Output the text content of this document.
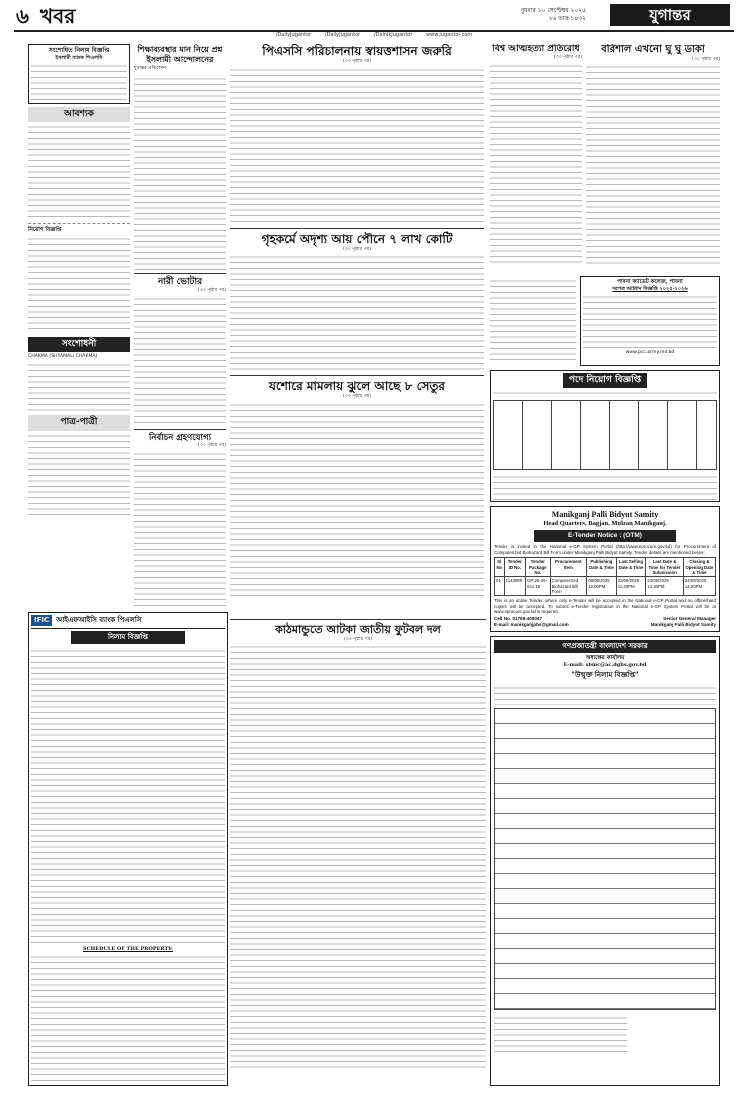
৬ খবর	বুধবার ১০ সেপ্টেম্বর ২০২৫
২৬ ভাদ্র ১৪৩২	যুগান্তর
/DailyJugantor	/DailyJugantor	/DainikJugantor	www.jugantor.com
সংশোধিত নিলাম বিজ্ঞপ্তি
ইসলামী ব্যাংক পিএলসি
আবশ্যক
নিয়োগ বিজ্ঞপ্তি
সংশোধনী
CHAKMA (SHYAMALI CHAKMA)
পাত্র-পাত্রী
IFIC	আইএফআইসি ব্যাংক পিএলসি
নিলাম বিজ্ঞপ্তি
SCHEDULE OF THE PROPERTY:
শিক্ষাব্যবস্থার মান নিয়ে প্রশ্ন ইসলামী আন্দোলনের
যুগান্তর প্রতিবেদন
নারী ভোটার
(৩৩ পৃষ্ঠার পর)
নির্বাচন গ্রহণযোগ্য
(৩৩ পৃষ্ঠার পর)
পিএসসি পরিচালনায় স্বায়ত্তশাসন জরুরি
(৩৩ পৃষ্ঠার পর)
গৃহকর্মে অদৃশ্য আয় পৌনে ৭ লাখ কোটি
(৩৩ পৃষ্ঠার পর)
যশোরে মামলায় ঝুলে আছে ৮ সেতুর
(৩৩ পৃষ্ঠার পর)
কাঠমান্ডুতে আটকা জাতীয় ফুটবল দল
(৩৩ পৃষ্ঠার পর)
বিশ্ব আত্মহত্যা প্রতিরোধ
(৩৩ পৃষ্ঠার পর)
বরিশাল এখনো ঘু ঘু ডাকা
(৩৩ পৃষ্ঠার পর)
পাবনা ক্যাডেট কলেজ, পাবনা
দরপত্র আহ্বান বিজ্ঞপ্তি ২০২৫-২০২৬
www.pcc.army.mil.bd
পদে নিয়োগ বিজ্ঞপ্তি
Manikganj Palli Bidyut Samity
Head Quarters, Bagjan, Mulzan Manikganj.
E-Tender Notice : (OTM)
Tender is invited in the National e-GP System Portal (http://www.eprocure.gov.bd) for Procurement of Computerized Biohazard Bill Form under Manikganj Palli Bidyut Samity. Tender details are mentioned below:
Sl No	Tender ID No.	Tender Package No.	Procurement Item	Publishing Date & Time	Last Selling Date & Time	Last Date & Time for Tender Submission	Closing & Opening Date & Time
01	1143089	GR.25-26-041.16	Computerized Biohazard Bill Form	08/09/2025 12.00PM	23/09/2025 11.30PM	23/09/2025 13.30PM	24/09/2025 14.00PM
This is an online Tender, where only e-Tender will be accepted in the National e-GP Portal and no offline/hard copies will be accepted. To submit e-Tender registration in the National e-GP System Portal will be at www.eprocure.gov.bd is required.
Cell No. 01769-400047
E-mail: manikganjpbs@gmail.com
Senior General Manager
Manikganj Palli Bidyut Samity
গণপ্রজাতন্ত্রী বাংলাদেশ সরকার
অধ্যক্ষের কার্যালয়
E-mail: sbmc@ac.dghs.gov.bd
"উন্মুক্ত নিলাম বিজ্ঞপ্তি"
